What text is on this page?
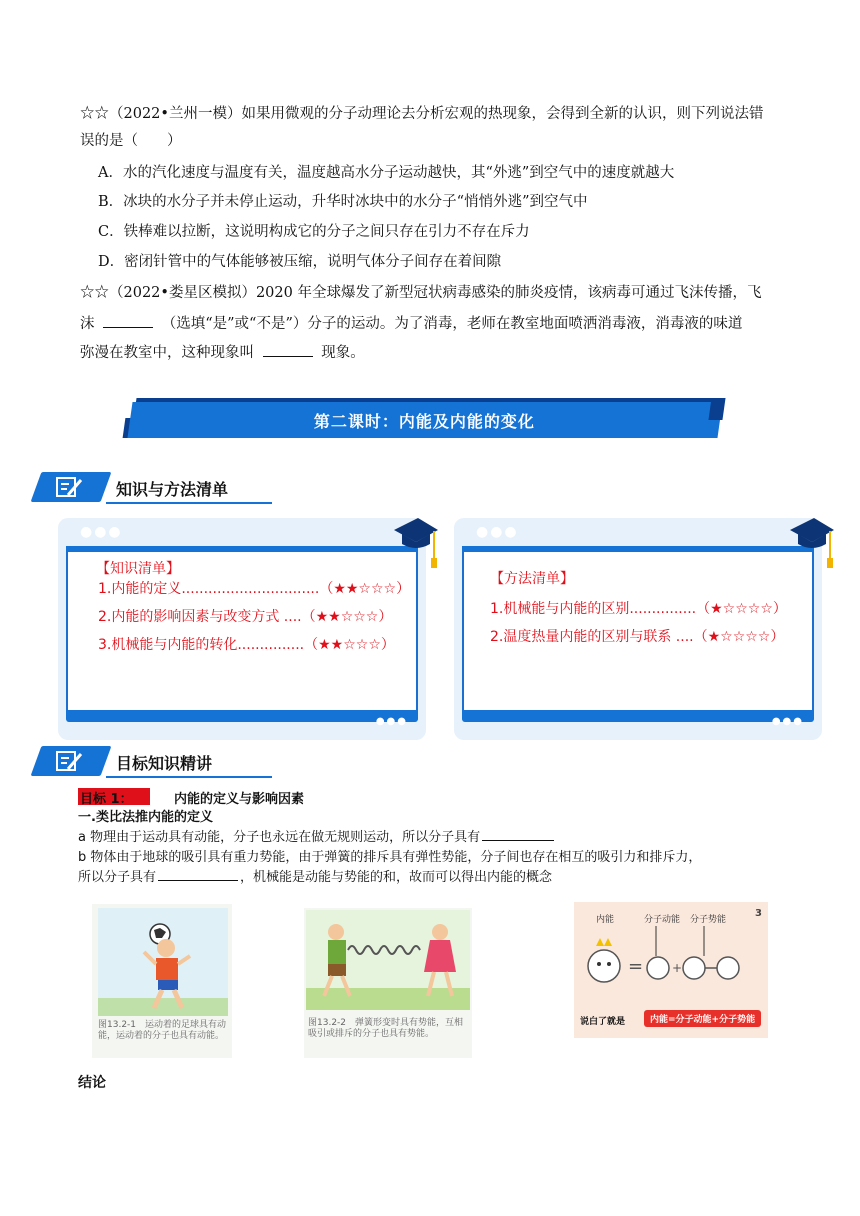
☆☆（2022•兰州一模）如果用微观的分子动理论去分析宏观的热现象，会得到全新的认识，则下列说法错
误的是（　　）
A．水的汽化速度与温度有关，温度越高水分子运动越快，其“外逃”到空气中的速度就越大
B．冰块的水分子并未停止运动，升华时冰块中的水分子“悄悄外逃”到空气中
C．铁棒难以拉断，这说明构成它的分子之间只存在引力不存在斥力
D．密闭针管中的气体能够被压缩，说明气体分子间存在着间隙
☆☆（2022•娄星区模拟）2020 年全球爆发了新型冠状病毒感染的肺炎疫情，该病毒可通过飞沫传播，飞
沫	（选填“是”或“不是”）分子的运动。为了消毒，老师在教室地面喷洒消毒液，消毒液的味道
弥漫在教室中，这种现象叫	现象。
第二课时：内能及内能的变化
知识与方法清单
●●●
●●●
【知识清单】
1.内能的定义...............................（★★☆☆☆）
2.内能的影响因素与改变方式 ....（★★☆☆☆）
3.机械能与内能的转化...............（★★☆☆☆）
●●●
●●●
【方法清单】
1.机械能与内能的区别...............（★☆☆☆☆）
2.温度热量内能的区别与联系 ....（★☆☆☆☆）
目标知识精讲
目标 1：	内能的定义与影响因素
一.类比法推内能的定义
a 物理由于运动具有动能，分子也永远在做无规则运动，所以分子具有
b 物体由于地球的吸引具有重力势能，由于弹簧的排斥具有弹性势能，分子间也存在相互的吸引力和排斥力，
所以分子具有	，机械能是动能与势能的和，故而可以得出内能的概念
图13.2-1　运动着的足球具有动能，运动着的分子也具有动能。
图13.2-2　弹簧形变时具有势能，互相吸引或排斥的分子也具有势能。
3
内能	分子动能 分子势能
= +
说白了就是	内能=分子动能+分子势能
结论
